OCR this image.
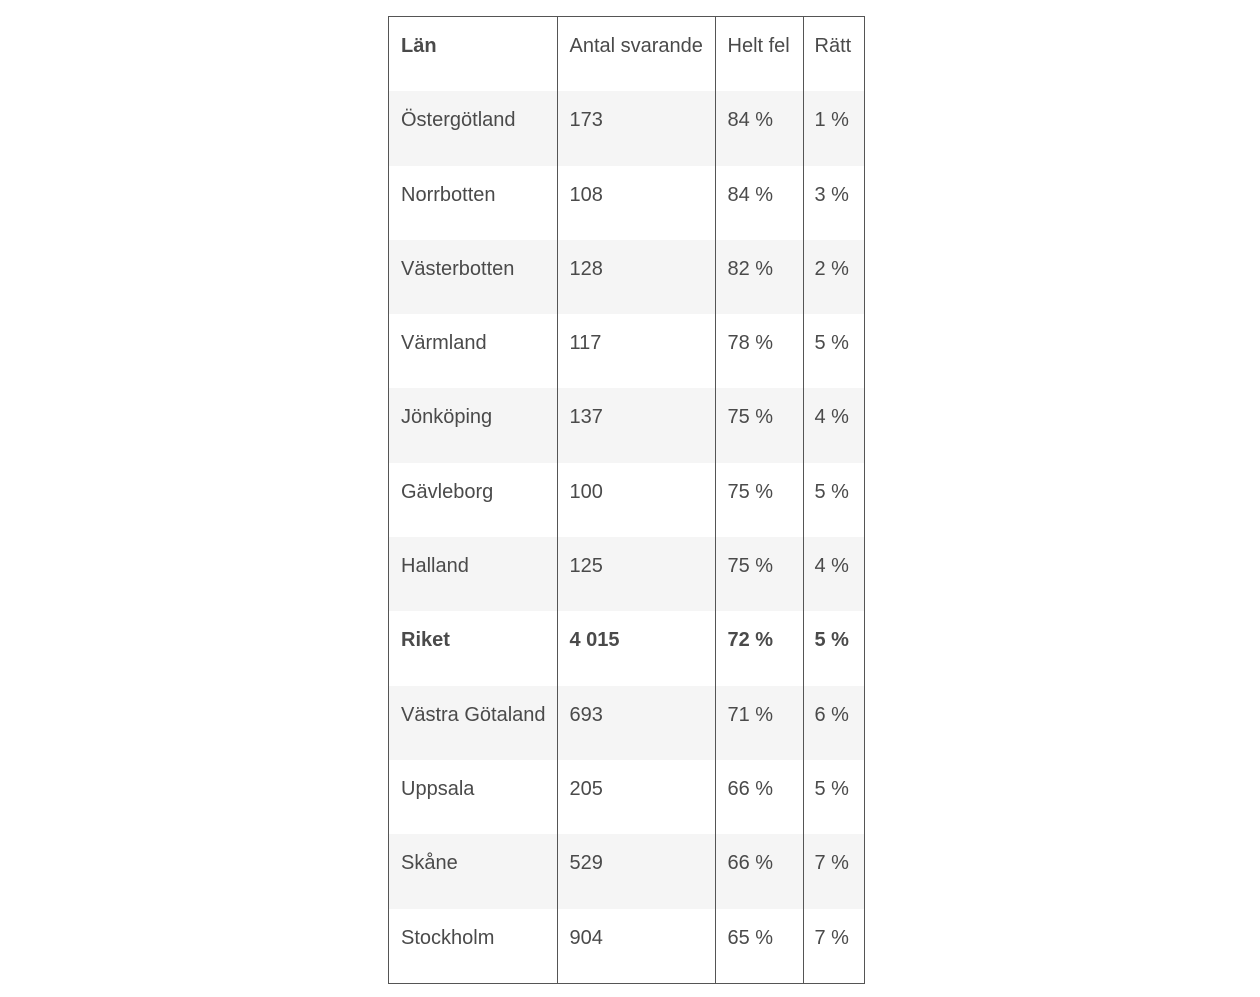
Län	Antal svarande	Helt fel	Rätt
Östergötland	173	84 %	1 %
Norrbotten	108	84 %	3 %
Västerbotten	128	82 %	2 %
Värmland	117	78 %	5 %
Jönköping	137	75 %	4 %
Gävleborg	100	75 %	5 %
Halland	125	75 %	4 %
Riket	4 015	72 %	5 %
Västra Götaland	693	71 %	6 %
Uppsala	205	66 %	5 %
Skåne	529	66 %	7 %
Stockholm	904	65 %	7 %
